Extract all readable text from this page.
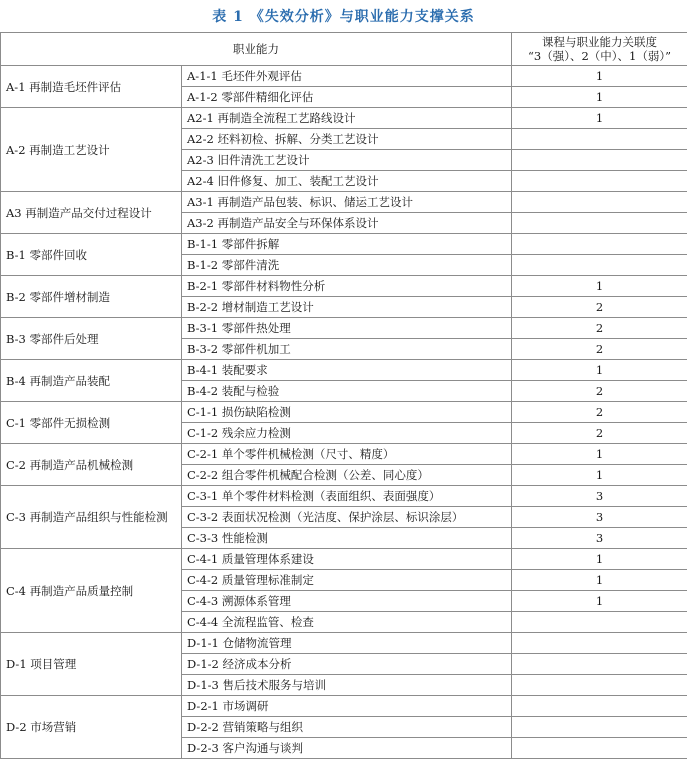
表 1 《失效分析》与职业能力支撑关系
职业能力		课程与职业能力关联度
“3（强）、2（中）、1（弱）”

A-1 再制造毛坯件评估	A-1-1 毛坯件外观评估	1
	A-1-2 零部件精细化评估	1
A-2 再制造工艺设计	A2-1 再制造全流程工艺路线设计	1
	A2-2 坯料初检、拆解、分类工艺设计	
	A2-3 旧件清洗工艺设计	
	A2-4 旧件修复、加工、装配工艺设计	
A3 再制造产品交付过程设计	A3-1 再制造产品包装、标识、储运工艺设计	
	A3-2 再制造产品安全与环保体系设计	
B-1 零部件回收	B-1-1 零部件拆解	
	B-1-2 零部件清洗	
B-2 零部件增材制造	B-2-1 零部件材料物性分析	1
	B-2-2 增材制造工艺设计	2
B-3 零部件后处理	B-3-1 零部件热处理	2
	B-3-2 零部件机加工	2
B-4 再制造产品装配	B-4-1 装配要求	1
	B-4-2 装配与检验	2
C-1 零部件无损检测	C-1-1 损伤缺陷检测	2
	C-1-2 残余应力检测	2
C-2 再制造产品机械检测	C-2-1 单个零件机械检测（尺寸、精度）	1
	C-2-2 组合零件机械配合检测（公差、同心度）	1
C-3 再制造产品组织与性能检测	C-3-1 单个零件材料检测（表面组织、表面强度）	3
	C-3-2 表面状况检测（光洁度、保护涂层、标识涂层）	3
	C-3-3 性能检测	3
C-4 再制造产品质量控制	C-4-1 质量管理体系建设	1
	C-4-2 质量管理标准制定	1
	C-4-3 溯源体系管理	1
	C-4-4 全流程监管、检查	
D-1 项目管理	D-1-1 仓储物流管理	
	D-1-2 经济成本分析	
	D-1-3 售后技术服务与培训	
D-2 市场营销	D-2-1 市场调研	
	D-2-2 营销策略与组织	
	D-2-3 客户沟通与谈判	
